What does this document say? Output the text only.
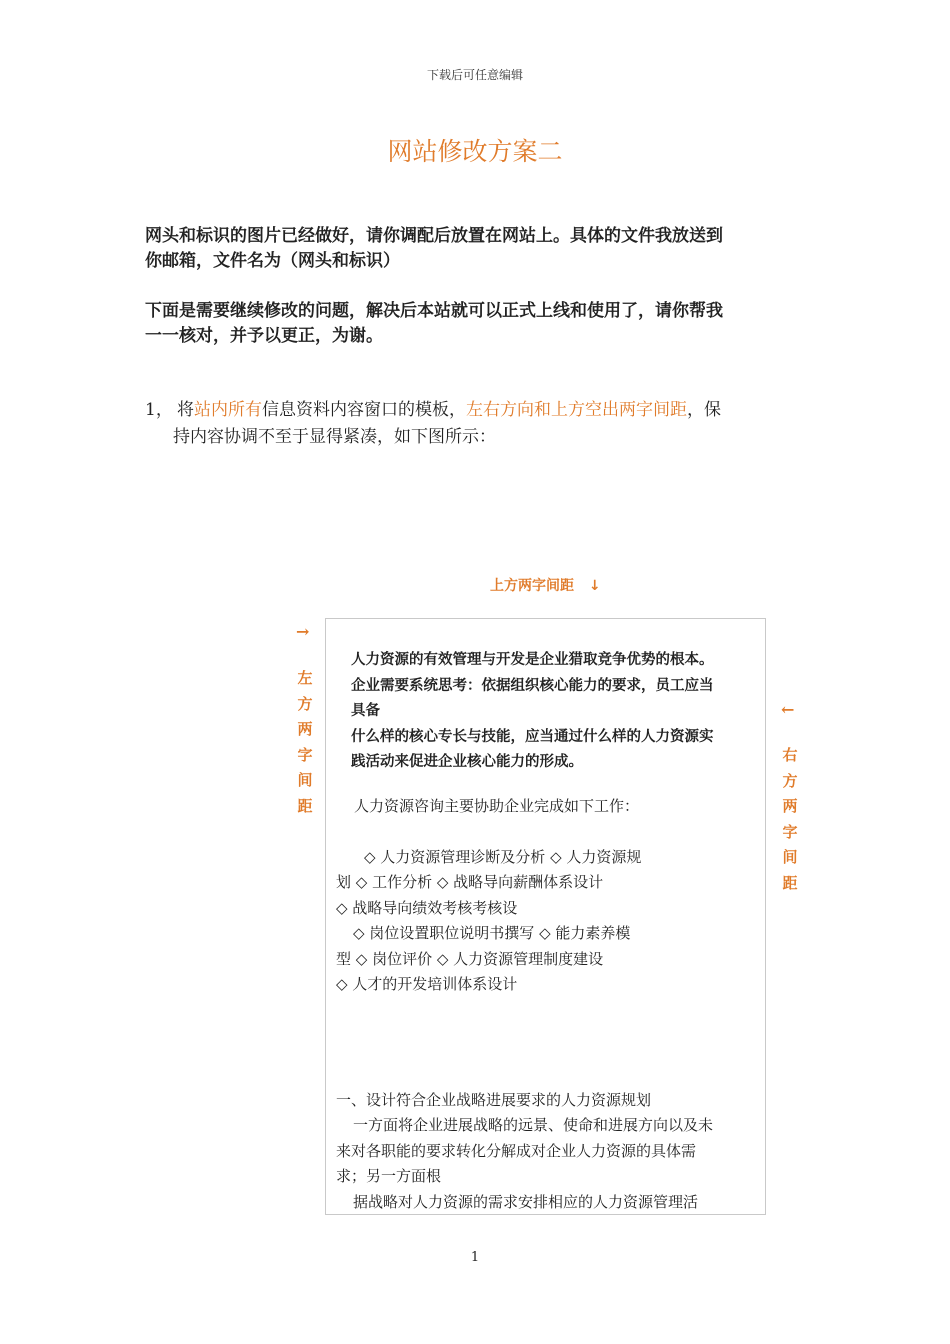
下载后可任意编辑
网站修改方案二
网头和标识的图片已经做好，请你调配后放置在网站上。具体的文件我放送到
你邮箱，文件名为（网头和标识）
下面是需要继续修改的问题，解决后本站就可以正式上线和使用了，请你帮我
一一核对，并予以更正，为谢。
1， 将站内所有信息资料内容窗口的模板，左右方向和上方空出两字间距，保
持内容协调不至于显得紧凑，如下图所示：
上方两字间距 ↓
→
←
左
方
两
字
间
距
右
方
两
字
间
距
人力资源的有效管理与开发是企业猎取竞争优势的根本。
企业需要系统思考：依据组织核心能力的要求，员工应当
具备
什么样的核心专长与技能，应当通过什么样的人力资源实
践活动来促进企业核心能力的形成。
人力资源咨询主要协助企业完成如下工作：
◇ 人力资源管理诊断及分析 ◇ 人力资源规
划 ◇ 工作分析 ◇ 战略导向薪酬体系设计
◇ 战略导向绩效考核考核设
◇ 岗位设置职位说明书撰写 ◇ 能力素养模
型 ◇ 岗位评价 ◇ 人力资源管理制度建设
◇ 人才的开发培训体系设计
一、设计符合企业战略进展要求的人力资源规划
一方面将企业进展战略的远景、使命和进展方向以及未
来对各职能的要求转化分解成对企业人力资源的具体需
求；另一方面根
据战略对人力资源的需求安排相应的人力资源管理活
1
